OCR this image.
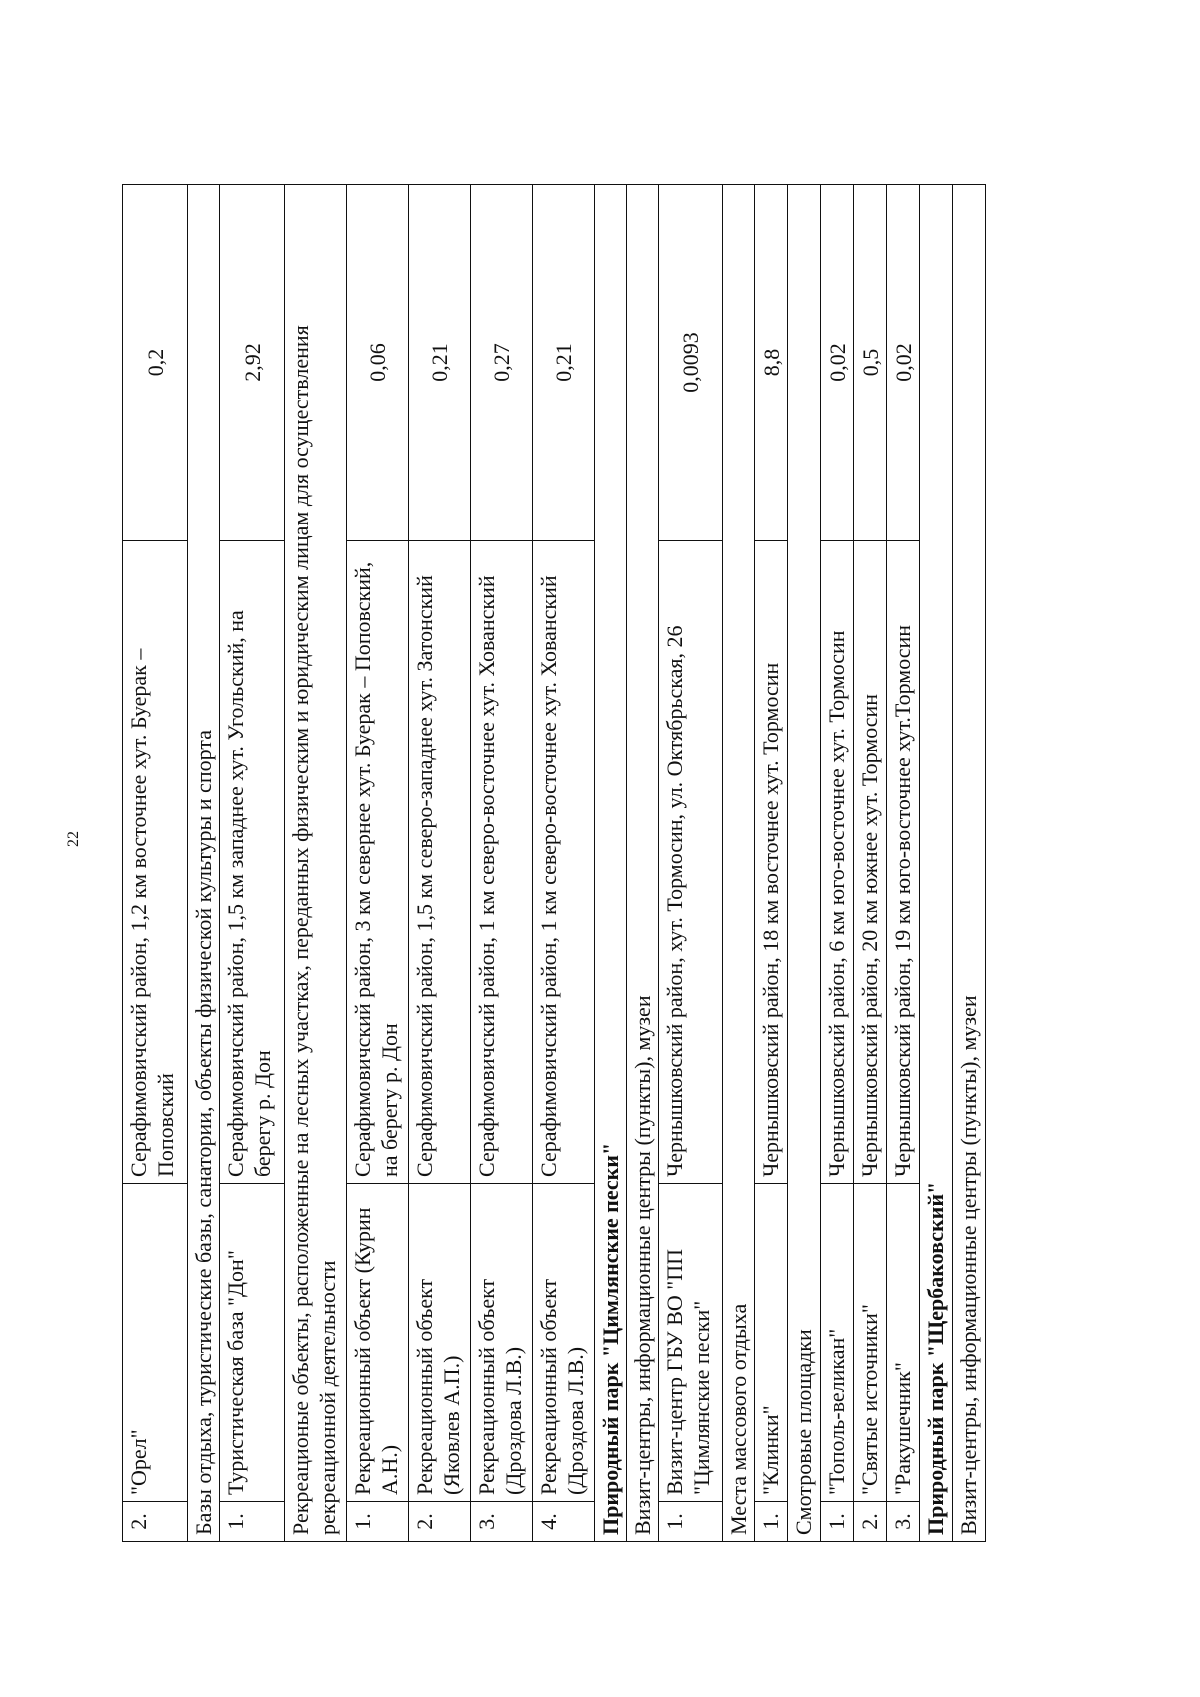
22
2.	"Орел"	Серафимовичский район, 1,2 км восточнее хут. Буерак – Поповский	0,2
Базы отдыха, туристические базы, санатории, объекты физической культуры и спорта			
1.	Туристическая база "Дон"	Серафимовичский район, 1,5 км западнее хут. Угольский, на берегу р. Дон	2,92
Рекреационые объекты, расположенные на лесных участках, переданных физическим и юридическим лицам для осуществления рекреационной деятельности			
1.	Рекреационный объект (Курин А.Н.)	Серафимовичский район, 3 км севернее хут. Буерак – Поповский, на берегу р. Дон	0,06
2.	Рекреационный объект (Яковлев А.П.)	Серафимовичский район, 1,5 км северо-западнее хут. Затонский	0,21
3.	Рекреационный объект (Дроздова Л.В.)	Серафимовичский район, 1 км северо-восточнее хут. Хованский	0,27
4.	Рекреационный объект (Дроздова Л.В.)	Серафимовичский район, 1 км северо-восточнее хут. Хованский	0,21
Природный парк "Цимлянские пески"			
Визит-центры, информационные центры (пункты), музеи			
1.	Визит-центр ГБУ ВО "ПП "Цимлянские пески"	Чернышковский район, хут. Тормосин, ул. Октябрьская, 26	0,0093
Места массового отдыха			
1.	"Клинки"	Чернышковский район, 18 км восточнее хут. Тормосин	8,8
Смотровые площадки			
1.	"Тополь-великан"	Чернышковский район, 6 км юго-восточнее хут. Тормосин	0,02
2.	"Святые источники"	Чернышковский район, 20 км южнее хут. Тормосин	0,5
3.	"Ракушечник"	Чернышковский район, 19 км юго-восточнее хут.Тормосин	0,02
Природный парк "Щербаковский"			
Визит-центры, информационные центры (пункты), музеи			
